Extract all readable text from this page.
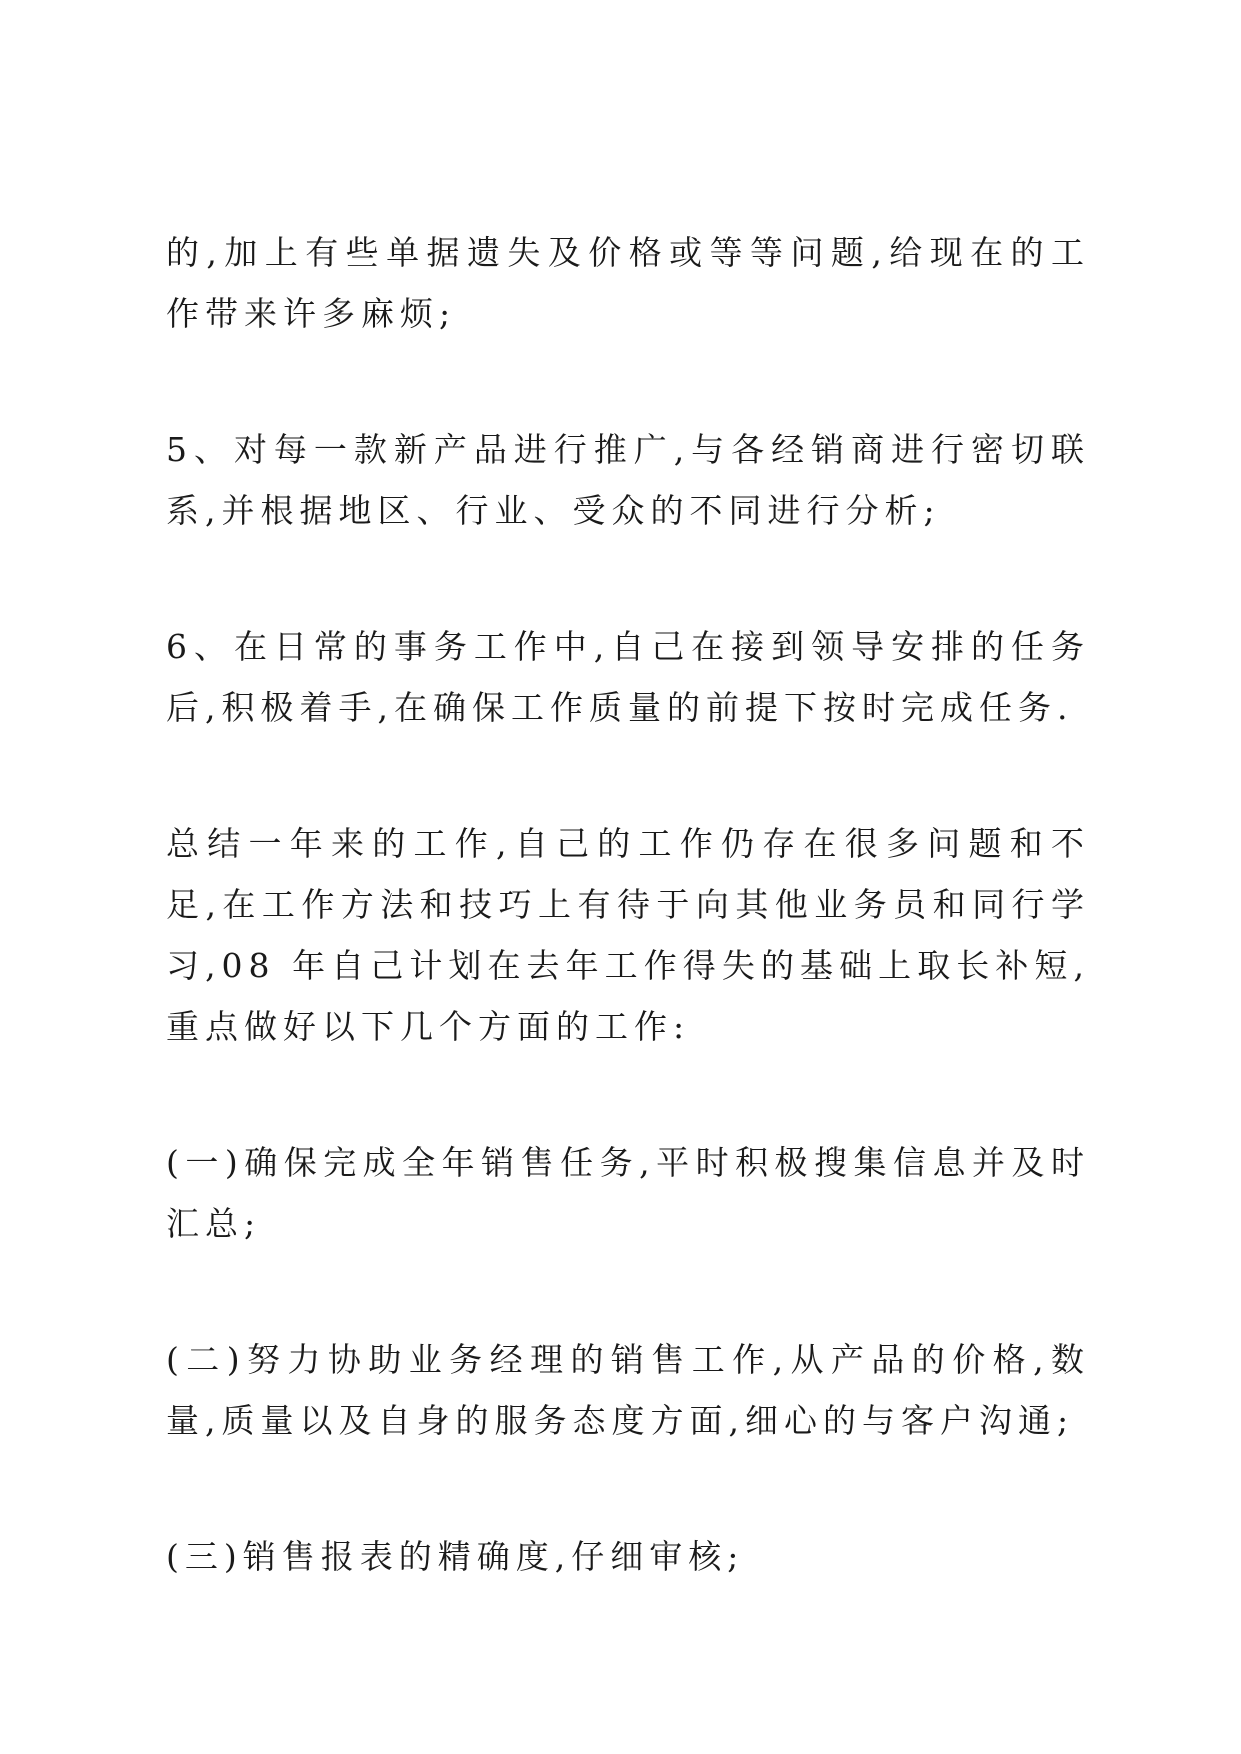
的,加上有些单据遗失及价格或等等问题,给现在的工作带来许多麻烦;

5、对每一款新产品进行推广,与各经销商进行密切联系,并根据地区、行业、受众的不同进行分析;

6、在日常的事务工作中,自己在接到领导安排的任务后,积极着手,在确保工作质量的前提下按时完成任务.

总结一年来的工作,自己的工作仍存在很多问题和不足,在工作方法和技巧上有待于向其他业务员和同行学习,08 年自己计划在去年工作得失的基础上取长补短,重点做好以下几个方面的工作:

(一)确保完成全年销售任务,平时积极搜集信息并及时汇总;

(二)努力协助业务经理的销售工作,从产品的价格,数量,质量以及自身的服务态度方面,细心的与客户沟通;

(三)销售报表的精确度,仔细审核;
